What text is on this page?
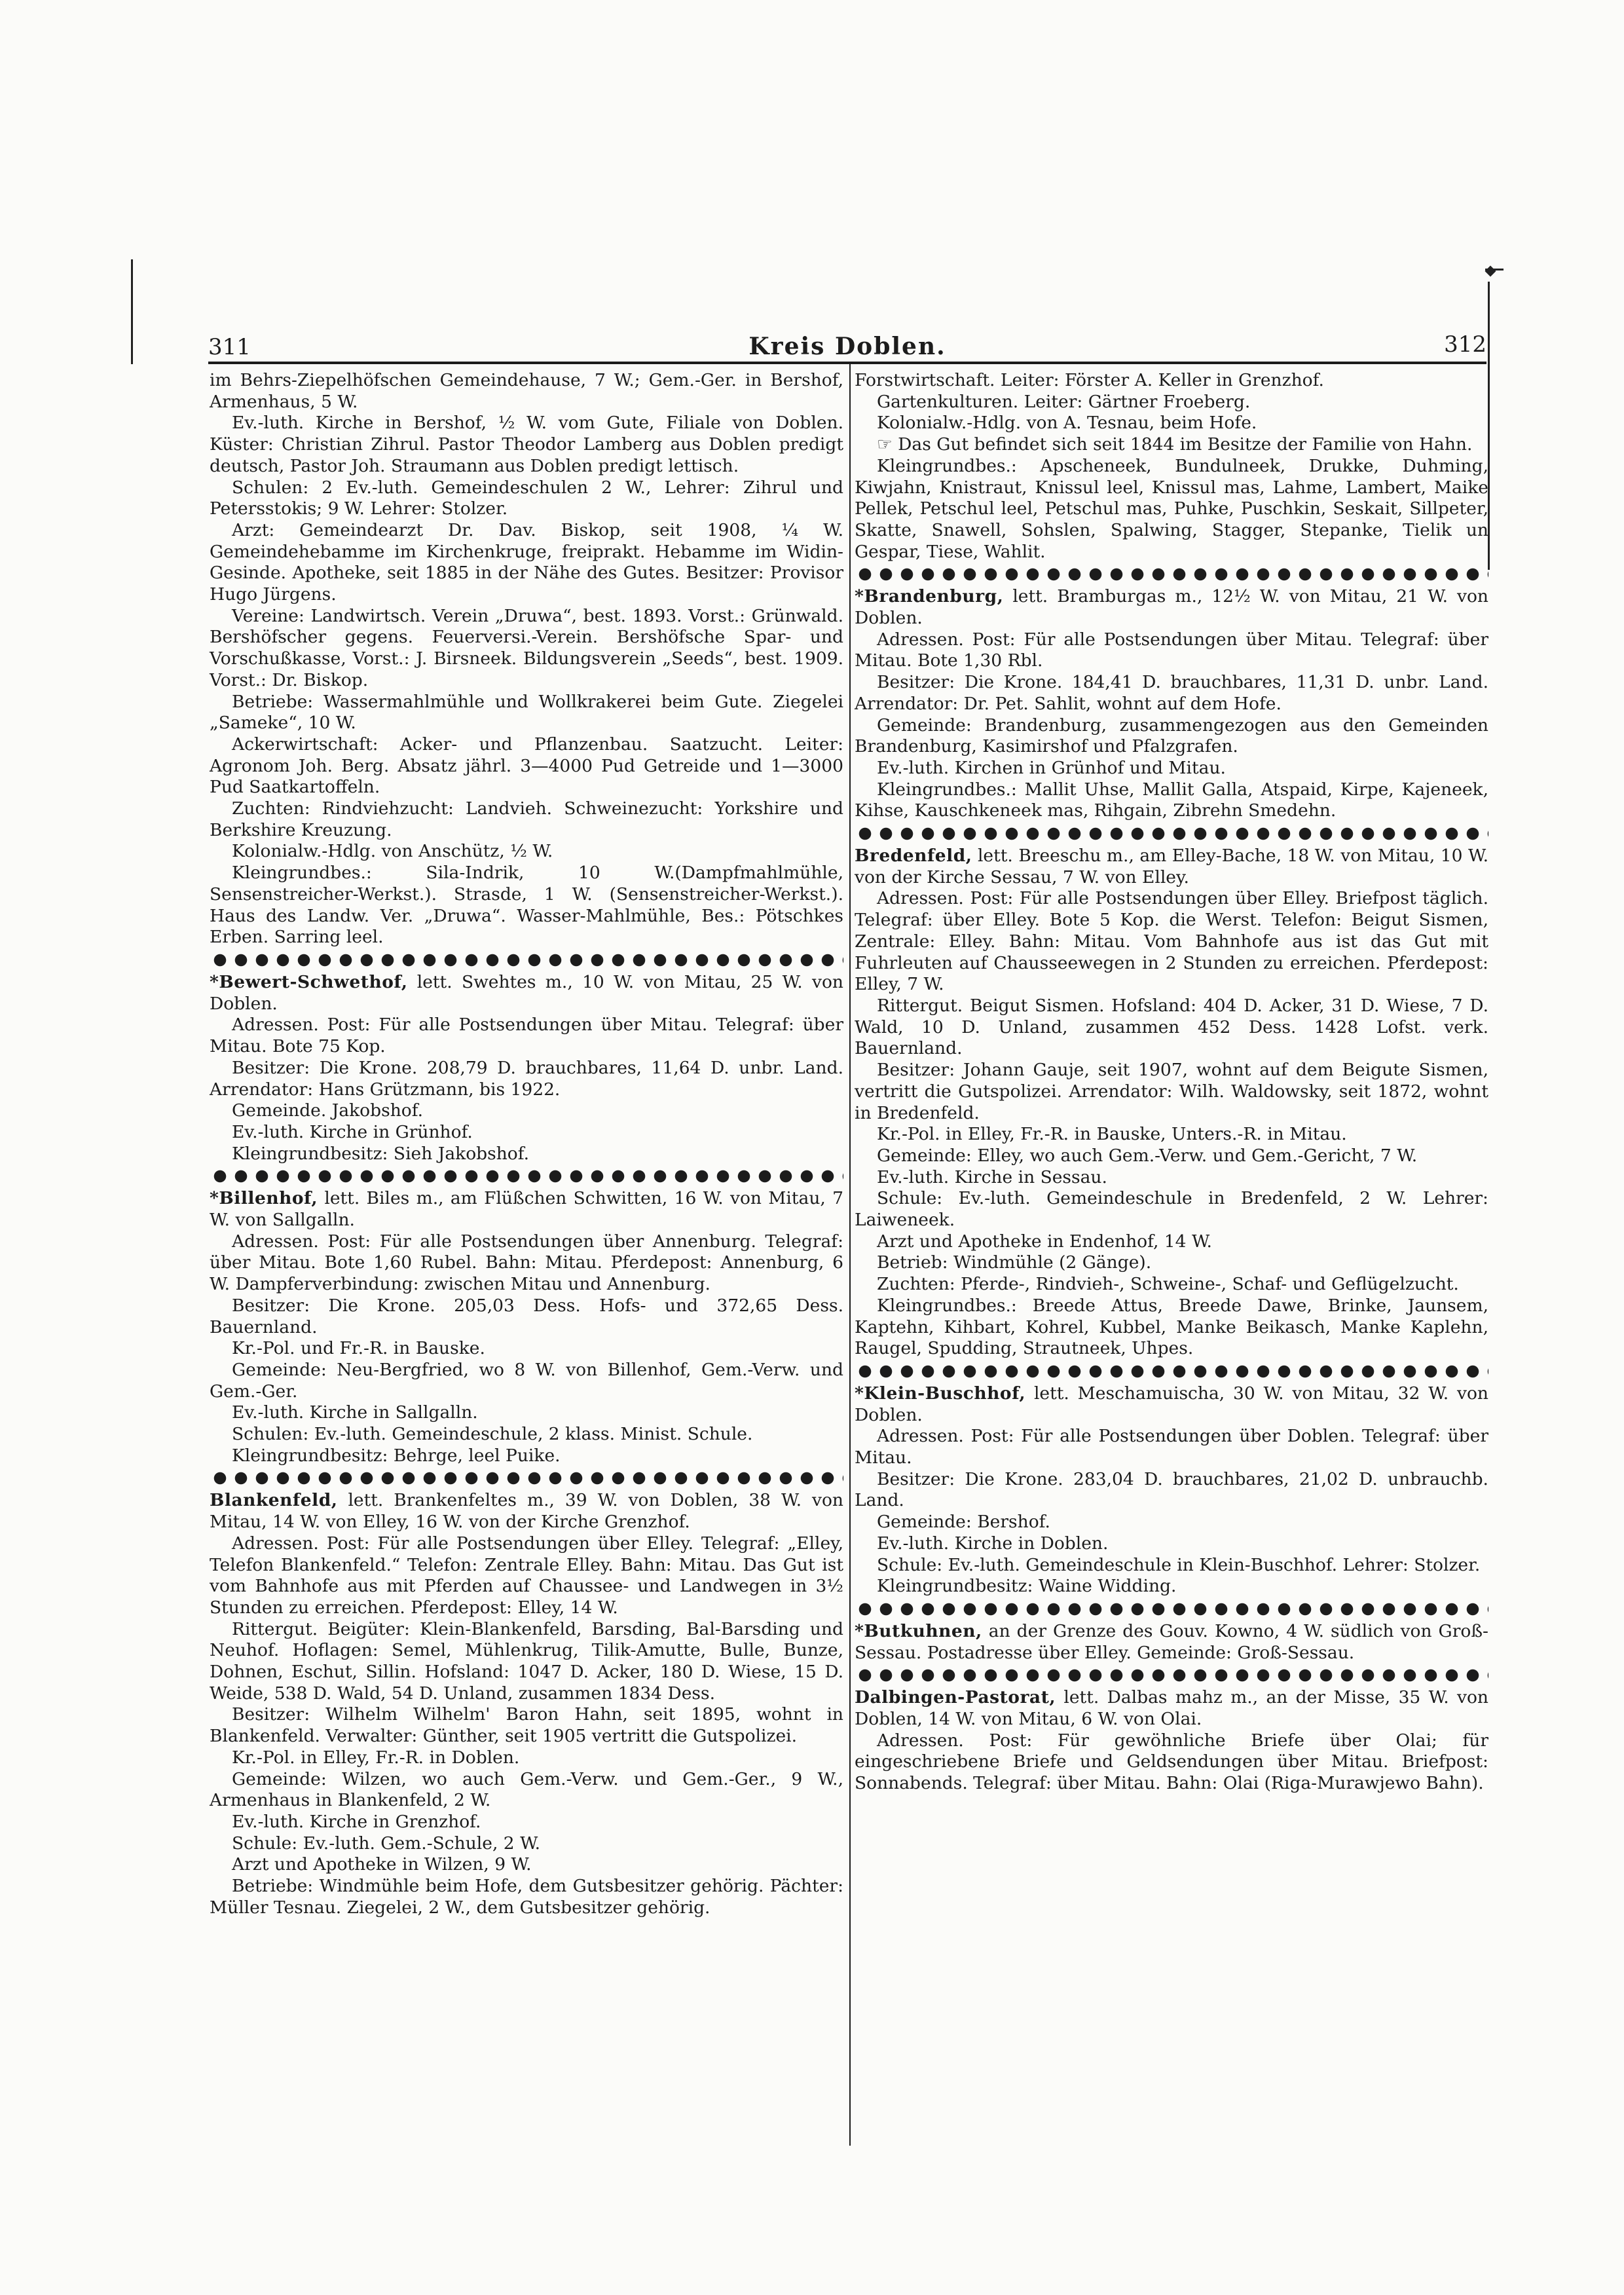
311	Kreis Doblen.	312

im Behrs-Ziepelhöfschen Gemeindehause, 7 W.; Gem.-Ger. in Bershof, Armenhaus, 5 W.

Ev.-luth. Kirche in Bershof, ½ W. vom Gute, Filiale von Doblen. Küster: Christian Zihrul. Pastor Theodor Lamberg aus Doblen predigt deutsch, Pastor Joh. Straumann aus Doblen predigt lettisch.

Schulen: 2 Ev.-luth. Gemeindeschulen 2 W., Lehrer: Zihrul und Petersstokis; 9 W. Lehrer: Stolzer.

Arzt: Gemeindearzt Dr. Dav. Biskop, seit 1908, ¼ W. Gemeindehebamme im Kirchenkruge, freiprakt. Hebamme im Widin-Gesinde. Apotheke, seit 1885 in der Nähe des Gutes. Besitzer: Provisor Hugo Jürgens.

Vereine: Landwirtsch. Verein „Druwa“, best. 1893. Vorst.: Grünwald. Bershöfscher gegens. Feuerversi.-Verein. Bershöfsche Spar- und Vorschußkasse, Vorst.: J. Birsneek. Bildungsverein „Seeds“, best. 1909. Vorst.: Dr. Biskop.

Betriebe: Wassermahlmühle und Wollkrakerei beim Gute. Ziegelei „Sameke“, 10 W.

Ackerwirtschaft: Acker- und Pflanzenbau. Saatzucht. Leiter: Agronom Joh. Berg. Absatz jährl. 3—4000 Pud Getreide und 1—3000 Pud Saatkartoffeln.

Zuchten: Rindviehzucht: Landvieh. Schweinezucht: Yorkshire und Berkshire Kreuzung.

Kolonialw.-Hdlg. von Anschütz, ½ W.

Kleingrundbes.: Sila-Indrik, 10 W.(Dampfmahlmühle, Sensenstreicher-Werkst.). Strasde, 1 W. (Sensenstreicher-Werkst.). Haus des Landw. Ver. „Druwa“. Wasser-Mahlmühle, Bes.: Pötschkes Erben. Sarring leel.

*Bewert-Schwethof, lett. Swehtes m., 10 W. von Mitau, 25 W. von Doblen.

Adressen. Post: Für alle Postsendungen über Mitau. Telegraf: über Mitau. Bote 75 Kop.

Besitzer: Die Krone. 208,79 D. brauchbares, 11,64 D. unbr. Land. Arrendator: Hans Grützmann, bis 1922.

Gemeinde. Jakobshof.

Ev.-luth. Kirche in Grünhof.

Kleingrundbesitz: Sieh Jakobshof.

*Billenhof, lett. Biles m., am Flüßchen Schwitten, 16 W. von Mitau, 7 W. von Sallgalln.

Adressen. Post: Für alle Postsendungen über Annenburg. Telegraf: über Mitau. Bote 1,60 Rubel. Bahn: Mitau. Pferdepost: Annenburg, 6 W. Dampferverbindung: zwischen Mitau und Annenburg.

Besitzer: Die Krone. 205,03 Dess. Hofs- und 372,65 Dess. Bauernland.

Kr.-Pol. und Fr.-R. in Bauske.

Gemeinde: Neu-Bergfried, wo 8 W. von Billenhof, Gem.-Verw. und Gem.-Ger.

Ev.-luth. Kirche in Sallgalln.

Schulen: Ev.-luth. Gemeindeschule, 2 klass. Minist. Schule.

Kleingrundbesitz: Behrge, leel Puike.

Blankenfeld, lett. Brankenfeltes m., 39 W. von Doblen, 38 W. von Mitau, 14 W. von Elley, 16 W. von der Kirche Grenzhof.

Adressen. Post: Für alle Postsendungen über Elley. Telegraf: „Elley, Telefon Blankenfeld.“ Telefon: Zentrale Elley. Bahn: Mitau. Das Gut ist vom Bahnhofe aus mit Pferden auf Chaussee- und Landwegen in 3½ Stunden zu erreichen. Pferdepost: Elley, 14 W.

Rittergut. Beigüter: Klein-Blankenfeld, Barsding, Bal-Barsding und Neuhof. Hoflagen: Semel, Mühlenkrug, Tilik-Amutte, Bulle, Bunze, Dohnen, Eschut, Sillin. Hofsland: 1047 D. Acker, 180 D. Wiese, 15 D. Weide, 538 D. Wald, 54 D. Unland, zusammen 1834 Dess.

Besitzer: Wilhelm Wilhelm' Baron Hahn, seit 1895, wohnt in Blankenfeld. Verwalter: Günther, seit 1905 vertritt die Gutspolizei.

Kr.-Pol. in Elley, Fr.-R. in Doblen.

Gemeinde: Wilzen, wo auch Gem.-Verw. und Gem.-Ger., 9 W., Armenhaus in Blankenfeld, 2 W.

Ev.-luth. Kirche in Grenzhof.

Schule: Ev.-luth. Gem.-Schule, 2 W.

Arzt und Apotheke in Wilzen, 9 W.

Betriebe: Windmühle beim Hofe, dem Gutsbesitzer gehörig. Pächter: Müller Tesnau. Ziegelei, 2 W., dem Gutsbesitzer gehörig.

Forstwirtschaft. Leiter: Förster A. Keller in Grenzhof.

Gartenkulturen. Leiter: Gärtner Froeberg.

Kolonialw.-Hdlg. von A. Tesnau, beim Hofe.

☞ Das Gut befindet sich seit 1844 im Besitze der Familie von Hahn.

Kleingrundbes.: Apscheneek, Bundulneek, Drukke, Duhming, Kiwjahn, Knistraut, Knissul leel, Knissul mas, Lahme, Lambert, Maike Pellek, Petschul leel, Petschul mas, Puhke, Puschkin, Seskait, Sillpeter, Skatte, Snawell, Sohslen, Spalwing, Stagger, Stepanke, Tielik un Gespar, Tiese, Wahlit.

*Brandenburg, lett. Bramburgas m., 12½ W. von Mitau, 21 W. von Doblen.

Adressen. Post: Für alle Postsendungen über Mitau. Telegraf: über Mitau. Bote 1,30 Rbl.

Besitzer: Die Krone. 184,41 D. brauchbares, 11,31 D. unbr. Land. Arrendator: Dr. Pet. Sahlit, wohnt auf dem Hofe.

Gemeinde: Brandenburg, zusammengezogen aus den Gemeinden Brandenburg, Kasimirshof und Pfalzgrafen.

Ev.-luth. Kirchen in Grünhof und Mitau.

Kleingrundbes.: Mallit Uhse, Mallit Galla, Atspaid, Kirpe, Kajeneek, Kihse, Kauschkeneek mas, Rihgain, Zibrehn Smedehn.

Bredenfeld, lett. Breeschu m., am Elley-Bache, 18 W. von Mitau, 10 W. von der Kirche Sessau, 7 W. von Elley.

Adressen. Post: Für alle Postsendungen über Elley. Briefpost täglich. Telegraf: über Elley. Bote 5 Kop. die Werst. Telefon: Beigut Sismen, Zentrale: Elley. Bahn: Mitau. Vom Bahnhofe aus ist das Gut mit Fuhrleuten auf Chausseewegen in 2 Stunden zu erreichen. Pferdepost: Elley, 7 W.

Rittergut. Beigut Sismen. Hofsland: 404 D. Acker, 31 D. Wiese, 7 D. Wald, 10 D. Unland, zusammen 452 Dess. 1428 Lofst. verk. Bauernland.

Besitzer: Johann Gauje, seit 1907, wohnt auf dem Beigute Sismen, vertritt die Gutspolizei. Arrendator: Wilh. Waldowsky, seit 1872, wohnt in Bredenfeld.

Kr.-Pol. in Elley, Fr.-R. in Bauske, Unters.-R. in Mitau.

Gemeinde: Elley, wo auch Gem.-Verw. und Gem.-Gericht, 7 W.

Ev.-luth. Kirche in Sessau.

Schule: Ev.-luth. Gemeindeschule in Bredenfeld, 2 W. Lehrer: Laiweneek.

Arzt und Apotheke in Endenhof, 14 W.

Betrieb: Windmühle (2 Gänge).

Zuchten: Pferde-, Rindvieh-, Schweine-, Schaf- und Geflügelzucht.

Kleingrundbes.: Breede Attus, Breede Dawe, Brinke, Jaunsem, Kaptehn, Kihbart, Kohrel, Kubbel, Manke Beikasch, Manke Kaplehn, Raugel, Spudding, Strautneek, Uhpes.

*Klein-Buschhof, lett. Meschamuischa, 30 W. von Mitau, 32 W. von Doblen.

Adressen. Post: Für alle Postsendungen über Doblen. Telegraf: über Mitau.

Besitzer: Die Krone. 283,04 D. brauchbares, 21,02 D. unbrauchb. Land.

Gemeinde: Bershof.

Ev.-luth. Kirche in Doblen.

Schule: Ev.-luth. Gemeindeschule in Klein-Buschhof. Lehrer: Stolzer.

Kleingrundbesitz: Waine Widding.

*Butkuhnen, an der Grenze des Gouv. Kowno, 4 W. südlich von Groß-Sessau. Postadresse über Elley. Gemeinde: Groß-Sessau.

Dalbingen-Pastorat, lett. Dalbas mahz m., an der Misse, 35 W. von Doblen, 14 W. von Mitau, 6 W. von Olai.

Adressen. Post: Für gewöhnliche Briefe über Olai; für eingeschriebene Briefe und Geldsendungen über Mitau. Briefpost: Sonnabends. Telegraf: über Mitau. Bahn: Olai (Riga-Murawjewo Bahn).
